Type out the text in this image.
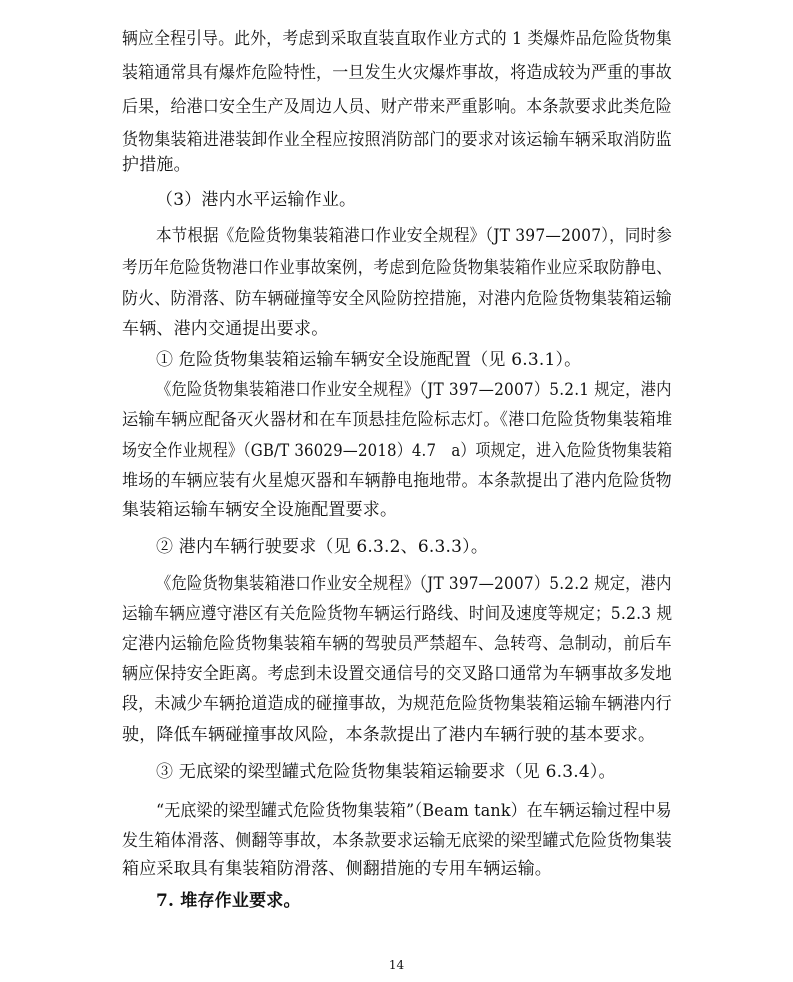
辆应全程引导。此外，考虑到采取直装直取作业方式的 1 类爆炸品危险货物集
装箱通常具有爆炸危险特性，一旦发生火灾爆炸事故，将造成较为严重的事故
后果，给港口安全生产及周边人员、财产带来严重影响。本条款要求此类危险
货物集装箱进港装卸作业全程应按照消防部门的要求对该运输车辆采取消防监
护措施。
（3）港内水平运输作业。
本节根据《危险货物集装箱港口作业安全规程》（JT 397—2007），同时参
考历年危险货物港口作业事故案例，考虑到危险货物集装箱作业应采取防静电、
防火、防滑落、防车辆碰撞等安全风险防控措施，对港内危险货物集装箱运输
车辆、港内交通提出要求。
① 危险货物集装箱运输车辆安全设施配置（见 6.3.1）。
《危险货物集装箱港口作业安全规程》（JT 397—2007）5.2.1 规定，港内
运输车辆应配备灭火器材和在车顶悬挂危险标志灯。《港口危险货物集装箱堆
场安全作业规程》（GB/T 36029—2018）4.7　a）项规定，进入危险货物集装箱
堆场的车辆应装有火星熄灭器和车辆静电拖地带。本条款提出了港内危险货物
集装箱运输车辆安全设施配置要求。
② 港内车辆行驶要求（见 6.3.2、6.3.3）。
《危险货物集装箱港口作业安全规程》（JT 397—2007）5.2.2 规定，港内
运输车辆应遵守港区有关危险货物车辆运行路线、时间及速度等规定；5.2.3 规
定港内运输危险货物集装箱车辆的驾驶员严禁超车、急转弯、急制动，前后车
辆应保持安全距离。考虑到未设置交通信号的交叉路口通常为车辆事故多发地
段，未减少车辆抢道造成的碰撞事故，为规范危险货物集装箱运输车辆港内行
驶，降低车辆碰撞事故风险，本条款提出了港内车辆行驶的基本要求。
③ 无底梁的梁型罐式危险货物集装箱运输要求（见 6.3.4）。
“无底梁的梁型罐式危险货物集装箱”（Beam tank）在车辆运输过程中易
发生箱体滑落、侧翻等事故，本条款要求运输无底梁的梁型罐式危险货物集装
箱应采取具有集装箱防滑落、侧翻措施的专用车辆运输。
7. 堆存作业要求。
14
